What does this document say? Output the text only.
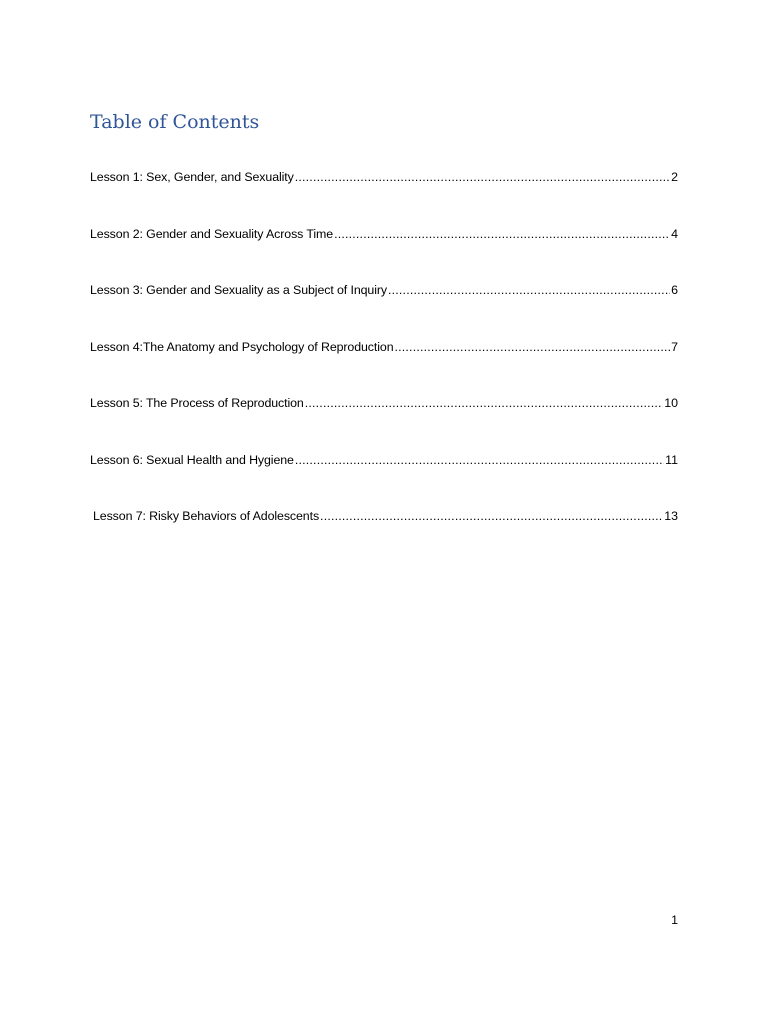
Table of Contents
Lesson 1: Sex, Gender, and Sexuality .....	2
Lesson 2: Gender and Sexuality Across Time .....	4
Lesson 3: Gender and Sexuality as a Subject of Inquiry .....	6
Lesson 4:The Anatomy and Psychology of Reproduction .....	7
Lesson 5: The Process of Reproduction .....	10
Lesson 6: Sexual Health and Hygiene .....	11
Lesson 7: Risky Behaviors of Adolescents .....	13
1
